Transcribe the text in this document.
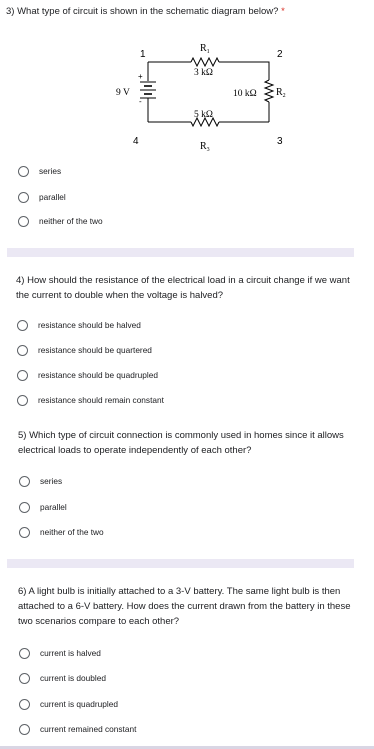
3) What type of circuit is shown in the schematic diagram below? *
$R_1$
3 kΩ
5 kΩ
$R_3$
10 kΩ $R_2$
9 V
+
-
1	2
3
4
series
parallel
neither of the two
4) How should the resistance of the electrical load in a circuit change if we want the current to double when the voltage is halved?
resistance should be halved
resistance should be quartered
resistance should be quadrupled
resistance should remain constant
5) Which type of circuit connection is commonly used in homes since it allows electrical loads to operate independently of each other?
series
parallel
neither of the two
6) A light bulb is initially attached to a 3-V battery. The same light bulb is then attached to a 6-V battery. How does the current drawn from the battery in these two scenarios compare to each other?
current is halved
current is doubled
current is quadrupled
current remained constant
